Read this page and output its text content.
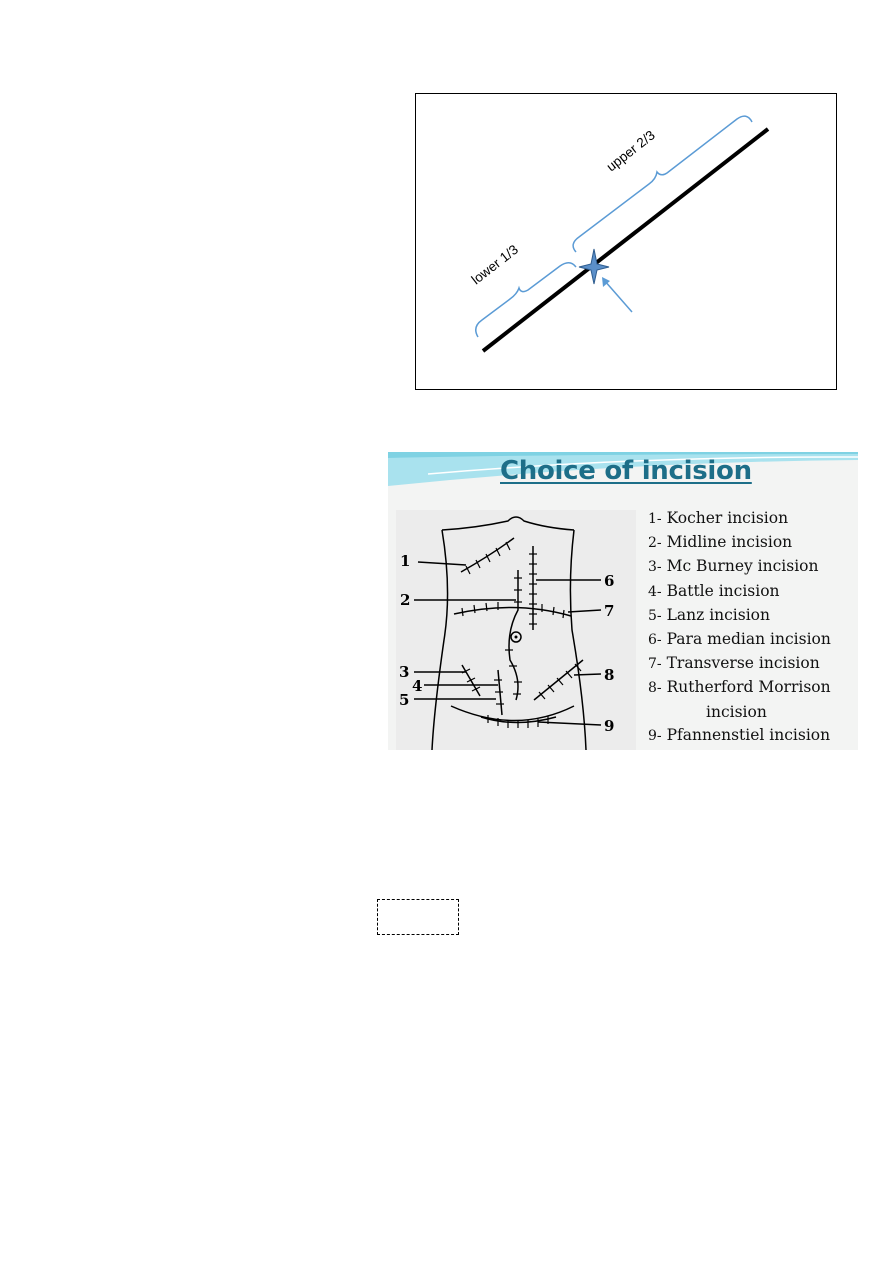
lower 1/3
upper 2/3
Choice of incision
1
2
6
7
3
4
5
8
9
1- Kocher incision
2- Midline incision
3- Mc Burney incision
4- Battle incision
5- Lanz incision
6- Para median incision
7- Transverse incision
8- Rutherford Morrison
incision
9- Pfannenstiel incision
